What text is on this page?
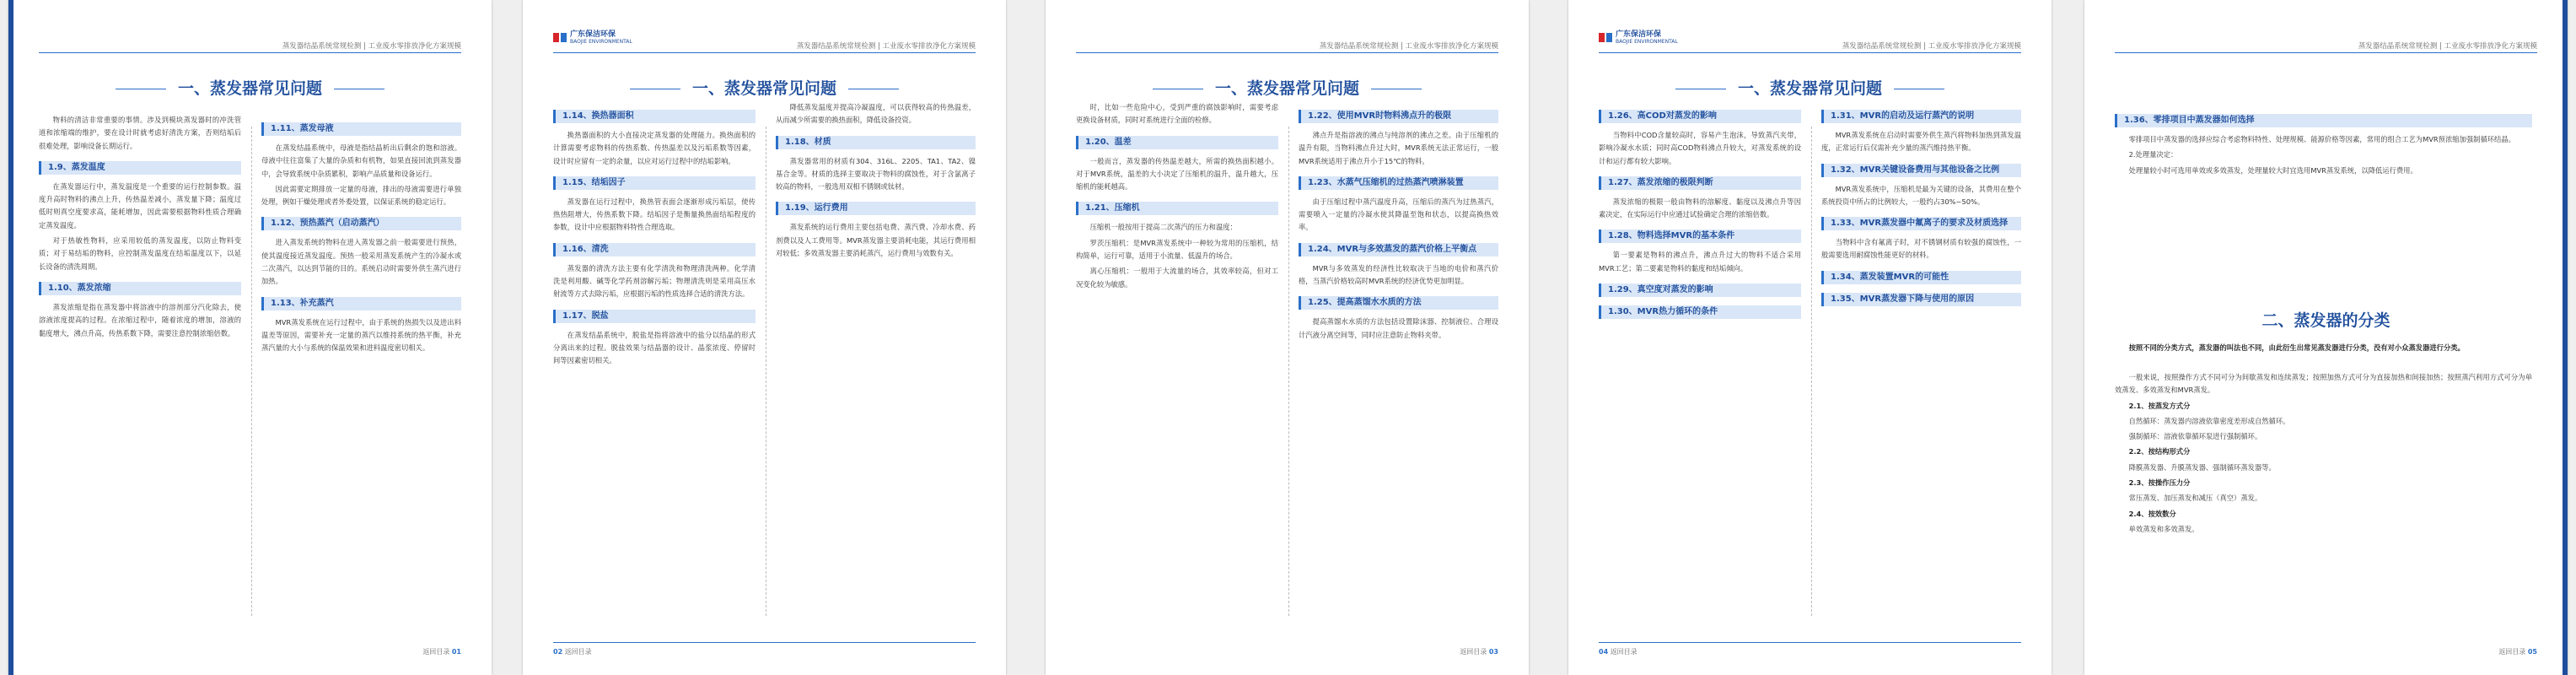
蒸发器结晶系统常规检测 | 工业废水零排放净化方案规模
一、蒸发器常见问题

物料的清洁非常重要的事情。涉及到模块蒸发器时的冲洗管道和浓缩端的维护，要在设计时就考虑好清洗方案，否则结垢后很难处理，影响设备长期运行。

1.9、蒸发温度

在蒸发器运行中，蒸发温度是一个重要的运行控制参数。温度升高时物料的沸点上升，传热温差减小，蒸发量下降；温度过低时则真空度要求高，能耗增加，因此需要根据物料性质合理确定蒸发温度。

对于热敏性物料，应采用较低的蒸发温度，以防止物料变质；对于易结垢的物料，应控制蒸发温度在结垢温度以下，以延长设备的清洗周期。

1.10、蒸发浓缩

蒸发浓缩是指在蒸发器中将溶液中的溶剂部分汽化除去，使溶液浓度提高的过程。在浓缩过程中，随着浓度的增加，溶液的黏度增大，沸点升高，传热系数下降，需要注意控制浓缩倍数。

1.11、蒸发母液

在蒸发结晶系统中，母液是指结晶析出后剩余的饱和溶液。母液中往往富集了大量的杂质和有机物，如果直接回流到蒸发器中，会导致系统中杂质累积，影响产品质量和设备运行。

因此需要定期排放一定量的母液，排出的母液需要进行单独处理，例如干燥处理或者外委处置，以保证系统的稳定运行。

1.12、预热蒸汽（启动蒸汽）

进入蒸发系统的物料在进入蒸发器之前一般需要进行预热，使其温度接近蒸发温度。预热一般采用蒸发系统产生的冷凝水或二次蒸汽，以达到节能的目的。系统启动时需要外供生蒸汽进行加热。

1.13、补充蒸汽

MVR蒸发系统在运行过程中，由于系统的热损失以及进出料温差等原因，需要补充一定量的蒸汽以维持系统的热平衡，补充蒸汽量的大小与系统的保温效果和进料温度密切相关。

返回目录 01
广东保洁环保
BAOJIE ENVIRONMENTAL
蒸发器结晶系统常规检测 | 工业废水零排放净化方案规模
一、蒸发器常见问题
1.14、换热器面积

换热器面积的大小直接决定蒸发器的处理能力。换热面积的计算需要考虑物料的传热系数、传热温差以及污垢系数等因素，设计时应留有一定的余量，以应对运行过程中的结垢影响。

1.15、结垢因子

蒸发器在运行过程中，换热管表面会逐渐形成污垢层，使传热热阻增大，传热系数下降。结垢因子是衡量换热面结垢程度的参数，设计中应根据物料特性合理选取。

1.16、清洗

蒸发器的清洗方法主要有化学清洗和物理清洗两种。化学清洗是利用酸、碱等化学药剂溶解污垢；物理清洗则是采用高压水射流等方式去除污垢，应根据污垢的性质选择合适的清洗方法。

1.17、脱盐

在蒸发结晶系统中，脱盐是指将溶液中的盐分以结晶的形式分离出来的过程。脱盐效果与结晶器的设计、晶浆浓度、停留时间等因素密切相关。

降低蒸发温度并提高冷凝温度，可以获得较高的传热温差，从而减少所需要的换热面积，降低设备投资。

1.18、材质

蒸发器常用的材质有304、316L、2205、TA1、TA2、镍基合金等。材质的选择主要取决于物料的腐蚀性，对于含氯离子较高的物料，一般选用双相不锈钢或钛材。

1.19、运行费用

蒸发系统的运行费用主要包括电费、蒸汽费、冷却水费、药剂费以及人工费用等。MVR蒸发器主要消耗电能，其运行费用相对较低；多效蒸发器主要消耗蒸汽，运行费用与效数有关。

02 返回目录
蒸发器结晶系统常规检测 | 工业废水零排放净化方案规模
一、蒸发器常见问题

时，比如一些危险中心，受到严重的腐蚀影响时，需要考虑更换设备材质，同时对系统进行全面的检修。

1.20、温差

一般而言，蒸发器的传热温差越大，所需的换热面积越小。对于MVR系统，温差的大小决定了压缩机的温升，温升越大，压缩机的能耗越高。

1.21、压缩机

压缩机一般按用于提高二次蒸汽的压力和温度：

罗茨压缩机：是MVR蒸发系统中一种较为常用的压缩机，结构简单，运行可靠，适用于小流量、低温升的场合。

离心压缩机：一般用于大流量的场合，其效率较高，但对工况变化较为敏感。

1.22、使用MVR时物料沸点升的极限

沸点升是指溶液的沸点与纯溶剂的沸点之差。由于压缩机的温升有限，当物料沸点升过大时，MVR系统无法正常运行，一般MVR系统适用于沸点升小于15℃的物料。

1.23、水蒸气压缩机的过热蒸汽喷淋装置

由于压缩过程中蒸汽温度升高，压缩后的蒸汽为过热蒸汽，需要喷入一定量的冷凝水使其降温至饱和状态，以提高换热效率。

1.24、MVR与多效蒸发的蒸汽价格上平衡点

MVR与多效蒸发的经济性比较取决于当地的电价和蒸汽价格，当蒸汽价格较高时MVR系统的经济优势更加明显。

1.25、提高蒸馏水水质的方法

提高蒸馏水水质的方法包括设置除沫器、控制液位、合理设计汽液分离空间等，同时应注意防止物料夹带。

返回目录 03
广东保洁环保
BAOJIE ENVIRONMENTAL
蒸发器结晶系统常规检测 | 工业废水零排放净化方案规模
一、蒸发器常见问题
1.26、高COD对蒸发的影响

当物料中COD含量较高时，容易产生泡沫，导致蒸汽夹带，影响冷凝水水质；同时高COD物料沸点升较大，对蒸发系统的设计和运行都有较大影响。

1.27、蒸发浓缩的极限判断

蒸发浓缩的极限一般由物料的溶解度、黏度以及沸点升等因素决定，在实际运行中应通过试验确定合理的浓缩倍数。

1.28、物料选择MVR的基本条件

第一要素是物料的沸点升，沸点升过大的物料不适合采用MVR工艺；第二要素是物料的黏度和结垢倾向。

1.29、真空度对蒸发的影响
1.30、MVR热力循环的条件
1.31、MVR的启动及运行蒸汽的说明

MVR蒸发系统在启动时需要外供生蒸汽将物料加热到蒸发温度，正常运行后仅需补充少量的蒸汽维持热平衡。

1.32、MVR关键设备费用与其他设备之比例

MVR蒸发系统中，压缩机是最为关键的设备，其费用在整个系统投资中所占的比例较大，一般约占30%~50%。

1.33、MVR蒸发器中氟离子的要求及材质选择

当物料中含有氟离子时，对不锈钢材质有较强的腐蚀性，一般需要选用耐腐蚀性能更好的材料。

1.34、蒸发装置MVR的可能性
1.35、MVR蒸发器下降与使用的原因
04 返回目录
蒸发器结晶系统常规检测 | 工业废水零排放净化方案规模
1.36、零排项目中蒸发器如何选择

零排项目中蒸发器的选择应综合考虑物料特性、处理规模、能源价格等因素，常用的组合工艺为MVR预浓缩加强制循环结晶。

2.处理量决定：

处理量较小时可选用单效或多效蒸发，处理量较大时宜选用MVR蒸发系统，以降低运行费用。

二、蒸发器的分类

按照不同的分类方式，蒸发器的叫法也不同，由此衍生出常见蒸发器进行分类，没有对小众蒸发器进行分类。

一般来说，按照操作方式不同可分为间歇蒸发和连续蒸发；按照加热方式可分为直接加热和间接加热；按照蒸汽利用方式可分为单效蒸发、多效蒸发和MVR蒸发。

2.1、按蒸发方式分

自然循环：蒸发器内溶液依靠密度差形成自然循环。

强制循环：溶液依靠循环泵进行强制循环。

2.2、按结构形式分

降膜蒸发器、升膜蒸发器、强制循环蒸发器等。

2.3、按操作压力分

常压蒸发、加压蒸发和减压（真空）蒸发。

2.4、按效数分

单效蒸发和多效蒸发。

返回目录 05
